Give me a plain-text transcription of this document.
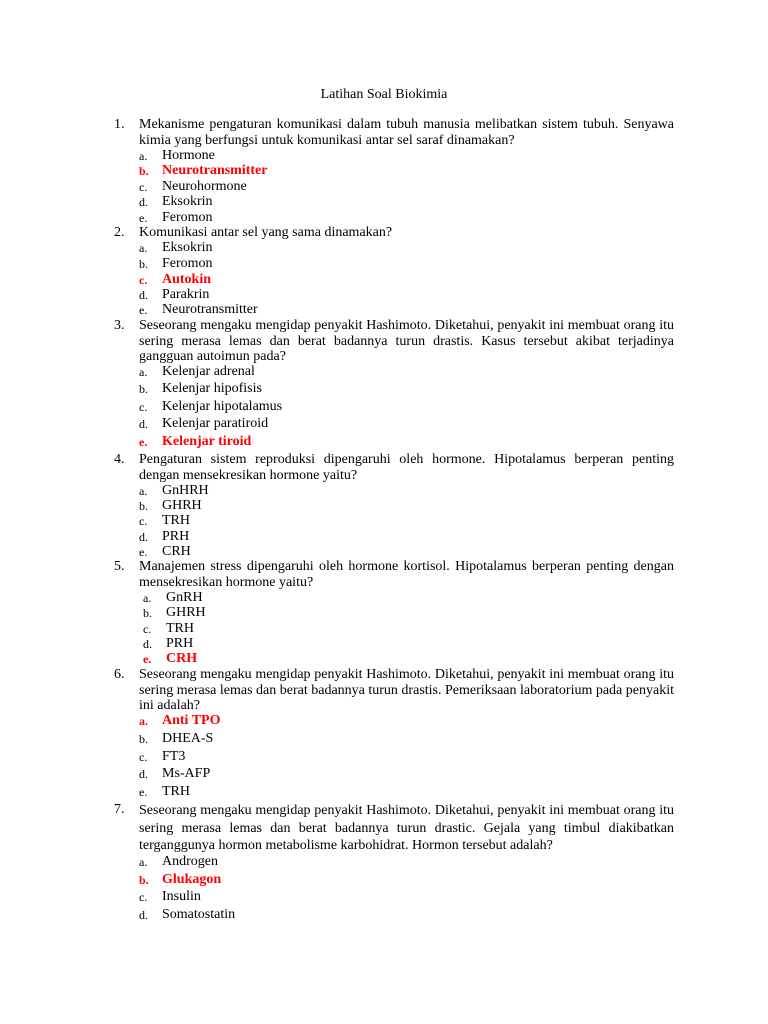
Latihan Soal Biokimia
1. Mekanisme pengaturan komunikasi dalam tubuh manusia melibatkan sistem tubuh. Senyawa kimia yang berfungsi untuk komunikasi antar sel saraf dinamakan?
a. Hormone
b. Neurotransmitter
c. Neurohormone
d. Eksokrin
e. Feromon
2. Komunikasi antar sel yang sama dinamakan?
a. Eksokrin
b. Feromon
c. Autokin
d. Parakrin
e. Neurotransmitter
3. Seseorang mengaku mengidap penyakit Hashimoto. Diketahui, penyakit ini membuat orang itu sering merasa lemas dan berat badannya turun drastis. Kasus tersebut akibat terjadinya gangguan autoimun pada?
a. Kelenjar adrenal
b. Kelenjar hipofisis
c. Kelenjar hipotalamus
d. Kelenjar paratiroid
e. Kelenjar tiroid
4. Pengaturan sistem reproduksi dipengaruhi oleh hormone. Hipotalamus berperan penting dengan mensekresikan hormone yaitu?
a. GnHRH
b. GHRH
c. TRH
d. PRH
e. CRH
5. Manajemen stress dipengaruhi oleh hormone kortisol. Hipotalamus berperan penting dengan mensekresikan hormone yaitu?
a. GnRH
b. GHRH
c. TRH
d. PRH
e. CRH
6. Seseorang mengaku mengidap penyakit Hashimoto. Diketahui, penyakit ini membuat orang itu sering merasa lemas dan berat badannya turun drastis. Pemeriksaan laboratorium pada penyakit ini adalah?
a. Anti TPO
b. DHEA-S
c. FT3
d. Ms-AFP
e. TRH
7. Seseorang mengaku mengidap penyakit Hashimoto. Diketahui, penyakit ini membuat orang itu sering merasa lemas dan berat badannya turun drastic. Gejala yang timbul diakibatkan terganggunya hormon metabolisme karbohidrat. Hormon tersebut adalah?
a. Androgen
b. Glukagon
c. Insulin
d. Somatostatin
